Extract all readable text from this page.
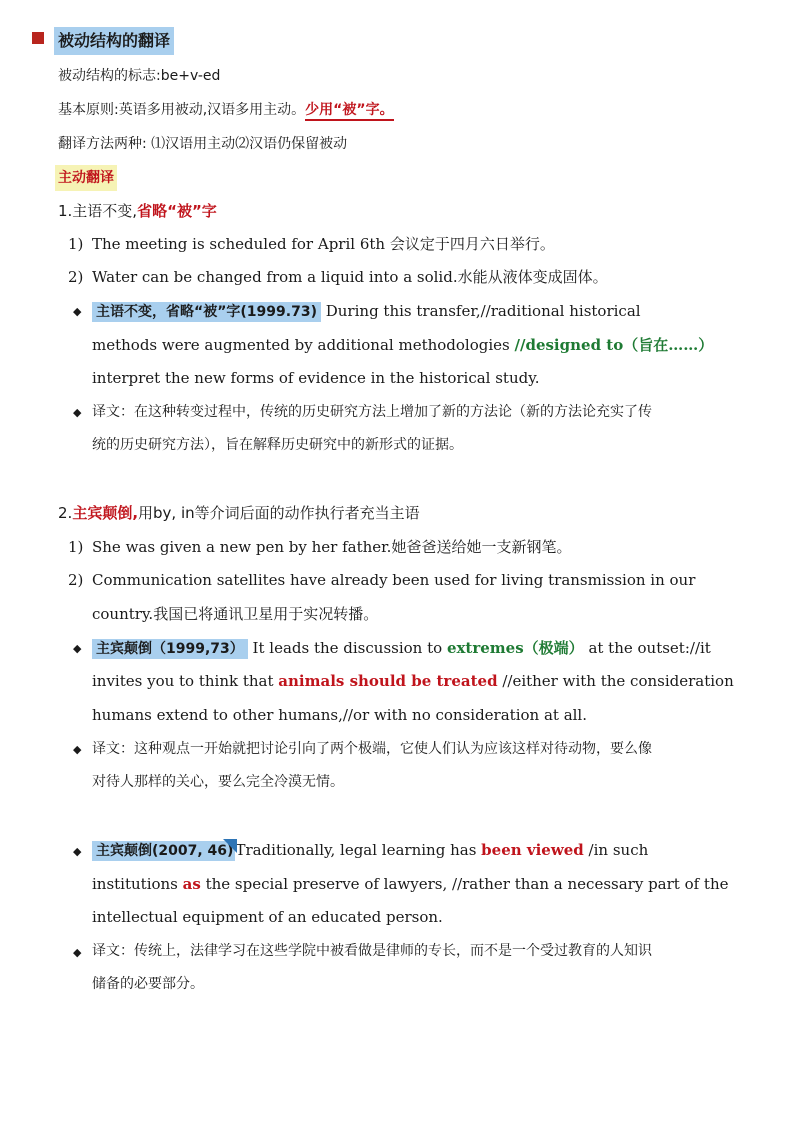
被动结构的翻译
被动结构的标志:be+v-ed
基本原则:英语多用被动,汉语多用主动。少用“被”字。
翻译方法两种: ⑴汉语用主动⑵汉语仍保留被动
主动翻译
1.主语不变,省略“被”字
1) The meeting is scheduled for April 6th 会议定于四月六日举行。
2) Water can be changed from a liquid into a solid.水能从液体变成固体。
◆ 主语不变，省略“被”字(1999.73) During this transfer,//raditional historical
methods were augmented by additional methodologies //designed to（旨在……）
interpret the new forms of evidence in the historical study.
◆ 译文：在这种转变过程中，传统的历史研究方法上增加了新的方法论（新的方法论充实了传
统的历史研究方法），旨在解释历史研究中的新形式的证据。
2.主宾颠倒,用by, in等介词后面的动作执行者充当主语
1) She was given a new pen by her father.她爸爸送给她一支新钢笔。
2) Communication satellites have already been used for living transmission in our
country.我国已将通讯卫星用于实况转播。
◆ 主宾颠倒（1999,73） It leads the discussion to extremes（极端） at the outset://it
invites you to think that animals should be treated //either with the consideration
humans extend to other humans,//or with no consideration at all.
◆ 译文：这种观点一开始就把讨论引向了两个极端，它使人们认为应该这样对待动物，要么像
对待人那样的关心，要么完全冷漠无情。
◆ 主宾颠倒(2007, 46) Traditionally, legal learning has been viewed /in such
institutions as the special preserve of lawyers, //rather than a necessary part of the
intellectual equipment of an educated person.
◆ 译文：传统上，法律学习在这些学院中被看做是律师的专长，而不是一个受过教育的人知识
储备的必要部分。
